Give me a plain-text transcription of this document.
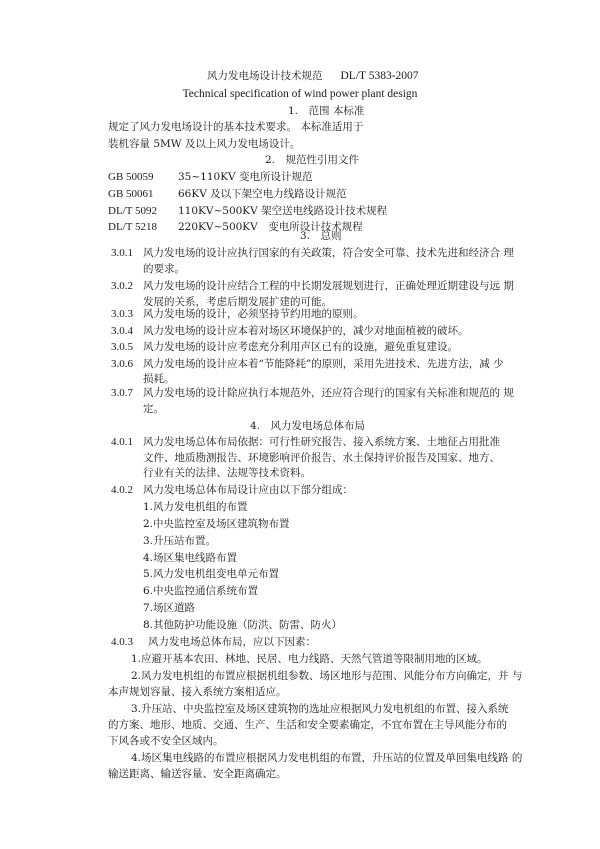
风力发电场设计技术规范 DL/T 5383-2007
Technical specification of wind power plant design
1.　范围 本标准
规定了风力发电场设计的基本技术要求。 本标准适用于
装机容量 5MW 及以上风力发电场设计。
2.　规范性引用文件
GB 50059 35~110KV 变电所设计规范
GB 50061 66KV 及以下架空电力线路设计规范
DL/T 5092 110KV~500KV 架空送电线路设计技术规程
DL/T 5218 220KV~500KV　变电所设计技术规程
3.　总则
3.0.1 风力发电场的设计应执行国家的有关政策，符合安全可靠、技术先进和经济合 理
的要求。
3.0.2 风力发电场的设计应结合工程的中长期发展规划进行，正确处理近期建设与远 期
发展的关系，考虑后期发展扩建的可能。
3.0.3 风力发电场的设计，必须坚持节约用地的原则。
3.0.4 风力发电场的设计应本着对场区环境保护的，减少对地面植被的破坏。
3.0.5 风力发电场的设计应考虑充分利用声区已有的设施，避免重复建设。
3.0.6 风力发电场的设计应本着“节能降耗”的原则，采用先进技术、先进方法，减 少
损耗。
3.0.7 风力发电场的设计除应执行本规范外，还应符合现行的国家有关标准和规范的 规
定。
4.　风力发电场总体布局
4.0.1 风力发电场总体布局依据：可行性研究报告、接入系统方案、土地征占用批准
文件、地质勘测报告、环境影响评价报告、水土保持评价报告及国家、地方、
行业有关的法律、法规等技术资料。
4.0.2 风力发电场总体布局设计应由以下部分组成：
1.风力发电机组的布置
2.中央监控室及场区建筑物布置
3.升压站布置。
4.场区集电线路布置
5.风力发电机组变电单元布置
6.中央监控通信系统布置
7.场区道路
8.其他防护功能设施（防洪、防雷、防火）
4.0.3 风力发电场总体布局，应以下因素：
1.应避开基本农田、林地、民居、电力线路、天然气管道等限制用地的区域。
2.风力发电机组的布置应根据机组参数、场区地形与范围、风能分布方向确定，并 与
本声规划容量、接入系统方案相适应。
3.升压站、中央监控室及场区建筑物的选址应根据风力发电机组的布置、接入系统
的方案、地形、地质、交通、生产、生活和安全要素确定，不宜布置在主导风能分布的
下风各或不安全区域内。
4.场区集电线路的布置应根据风力发电机组的布置，升压站的位置及单回集电线路 的
输送距离、输送容量、安全距离确定。
